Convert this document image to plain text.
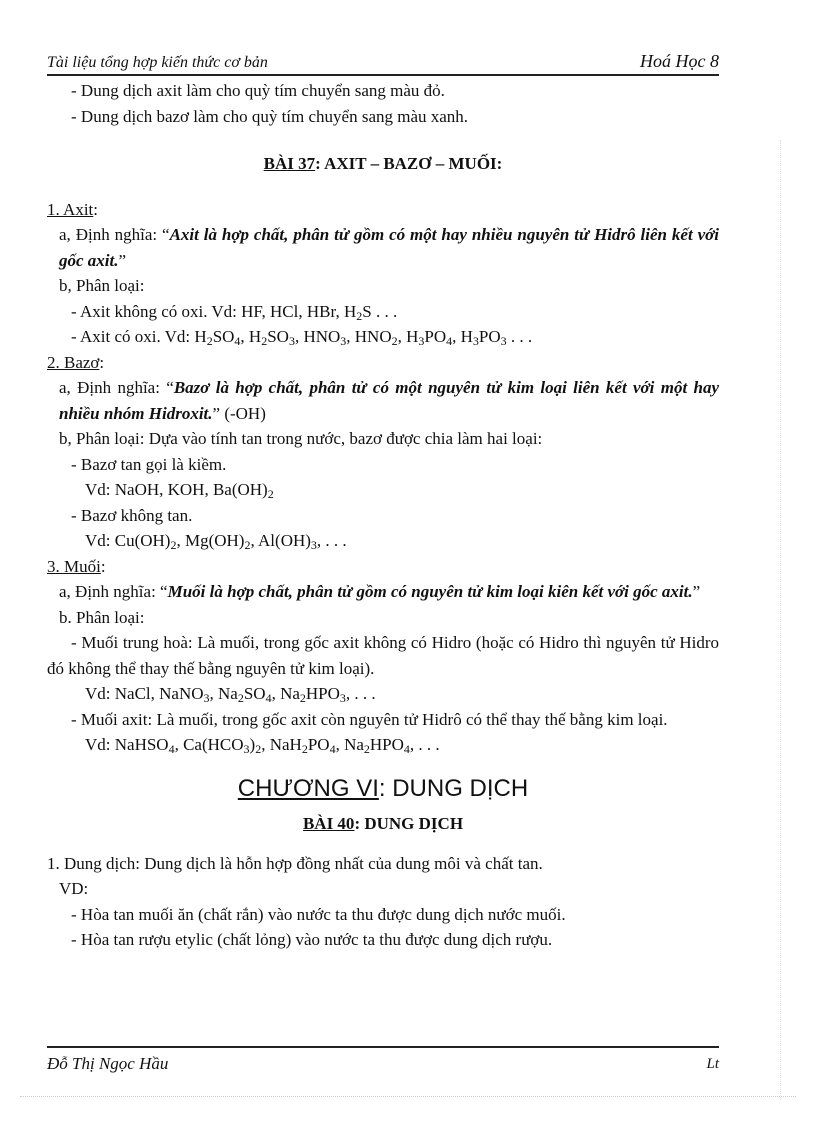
Tài liệu tổng hợp kiến thức cơ bản	Hoá Học 8
- Dung dịch axit làm cho quỳ tím chuyển sang màu đỏ.
- Dung dịch bazơ làm cho quỳ tím chuyển sang màu xanh.
BÀI 37: AXIT – BAZƠ – MUỐI:
1. Axit:
a, Định nghĩa: “Axit là hợp chất, phân tử gồm có một hay nhiều nguyên tử Hidrô liên kết với gốc axit.”
b, Phân loại:
- Axit không có oxi. Vd: HF, HCl, HBr, $H_2S$ . . .
- Axit có oxi. Vd: $H_2SO_4$, $H_2SO_3$, $HNO_3$, $HNO_2$, $H_3PO_4$, $H_3PO_3$ . . .
2. Bazơ:
a, Định nghĩa: “Bazơ là hợp chất, phân tử có một nguyên tử kim loại liên kết với một hay nhiều nhóm Hidroxit.” (-OH)
b, Phân loại: Dựa vào tính tan trong nước, bazơ được chia làm hai loại:
- Bazơ tan gọi là kiềm.
Vd: NaOH, KOH, $Ba(OH)_2$
- Bazơ không tan.
Vd: $Cu(OH)_2$, $Mg(OH)_2$, $Al(OH)_3$, . . .
3. Muối:
a, Định nghĩa: “Muối là hợp chất, phân tử gồm có nguyên tử kim loại kiên kết với gốc axit.”
b. Phân loại:
- Muối trung hoà: Là muối, trong gốc axit không có Hidro (hoặc có Hidro thì nguyên tử Hidro đó không thể thay thế bằng nguyên tử kim loại).
Vd: NaCl, NaNO$_3$, $Na_2SO_4$, $Na_2HPO_3$, . . .
- Muối axit: Là muối, trong gốc axit còn nguyên tử Hidrô có thể thay thế bằng kim loại.
Vd: NaHSO$_4$, $Ca(HCO_3)_2$, $NaH_2PO_4$, $Na_2HPO_4$, . . .
CHƯƠNG VI: DUNG DỊCH
BÀI 40: DUNG DỊCH
1. Dung dịch: Dung dịch là hỗn hợp đồng nhất của dung môi và chất tan.
VD:
- Hòa tan muối ăn (chất rắn) vào nước ta thu được dung dịch nước muối.
- Hòa tan rượu etylic (chất lỏng) vào nước ta thu được dung dịch rượu.
Đỗ Thị Ngọc Hầu	Lt
